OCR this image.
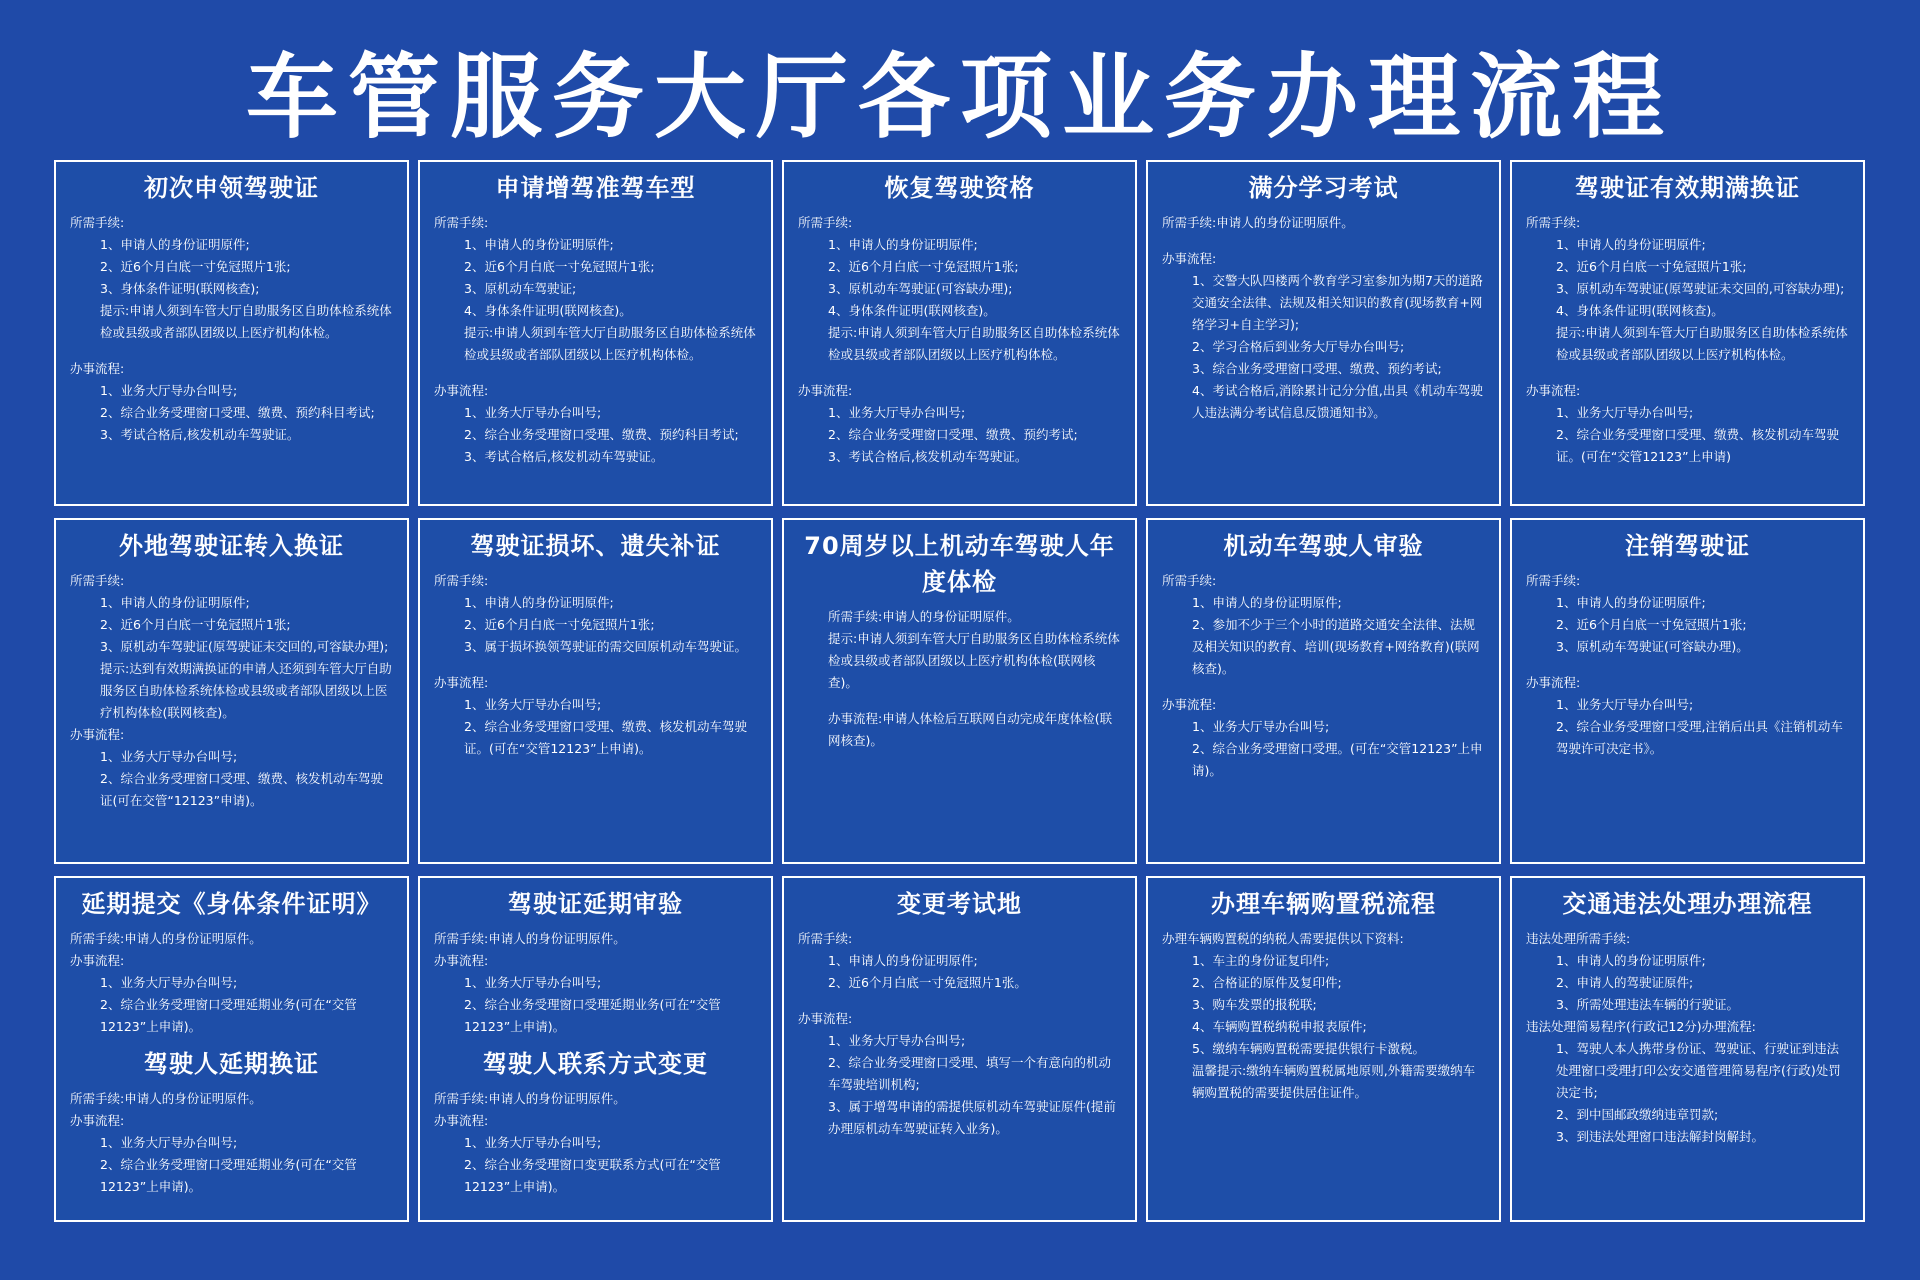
车管服务大厅各项业务办理流程
初次申领驾驶证
所需手续:
1、申请人的身份证明原件;
2、近6个月白底一寸免冠照片1张;
3、身体条件证明(联网核查);
提示:申请人须到车管大厅自助服务区自助体检系统体检或县级或者部队团级以上医疗机构体检。
办事流程:
1、业务大厅导办台叫号;
2、综合业务受理窗口受理、缴费、预约科目考试;
3、考试合格后,核发机动车驾驶证。
申请增驾准驾车型
所需手续:
1、申请人的身份证明原件;
2、近6个月白底一寸免冠照片1张;
3、原机动车驾驶证;
4、身体条件证明(联网核查)。
提示:申请人须到车管大厅自助服务区自助体检系统体检或县级或者部队团级以上医疗机构体检。
办事流程:
1、业务大厅导办台叫号;
2、综合业务受理窗口受理、缴费、预约科目考试;
3、考试合格后,核发机动车驾驶证。
恢复驾驶资格
所需手续:
1、申请人的身份证明原件;
2、近6个月白底一寸免冠照片1张;
3、原机动车驾驶证(可容缺办理);
4、身体条件证明(联网核查)。
提示:申请人须到车管大厅自助服务区自助体检系统体检或县级或者部队团级以上医疗机构体检。
办事流程:
1、业务大厅导办台叫号;
2、综合业务受理窗口受理、缴费、预约考试;
3、考试合格后,核发机动车驾驶证。
满分学习考试
所需手续:申请人的身份证明原件。
办事流程:
1、交警大队四楼两个教育学习室参加为期7天的道路交通安全法律、法规及相关知识的教育(现场教育+网络学习+自主学习);
2、学习合格后到业务大厅导办台叫号;
3、综合业务受理窗口受理、缴费、预约考试;
4、考试合格后,消除累计记分分值,出具《机动车驾驶人违法满分考试信息反馈通知书》。
驾驶证有效期满换证
所需手续:
1、申请人的身份证明原件;
2、近6个月白底一寸免冠照片1张;
3、原机动车驾驶证(原驾驶证未交回的,可容缺办理);
4、身体条件证明(联网核查)。
提示:申请人须到车管大厅自助服务区自助体检系统体检或县级或者部队团级以上医疗机构体检。
办事流程:
1、业务大厅导办台叫号;
2、综合业务受理窗口受理、缴费、核发机动车驾驶证。(可在“交管12123”上申请)
外地驾驶证转入换证
所需手续:
1、申请人的身份证明原件;
2、近6个月白底一寸免冠照片1张;
3、原机动车驾驶证(原驾驶证未交回的,可容缺办理);
提示:达到有效期满换证的申请人还须到车管大厅自助服务区自助体检系统体检或县级或者部队团级以上医疗机构体检(联网核查)。
办事流程:
1、业务大厅导办台叫号;
2、综合业务受理窗口受理、缴费、核发机动车驾驶证(可在交管“12123”申请)。
驾驶证损坏、遗失补证
所需手续:
1、申请人的身份证明原件;
2、近6个月白底一寸免冠照片1张;
3、属于损坏换领驾驶证的需交回原机动车驾驶证。
办事流程:
1、业务大厅导办台叫号;
2、综合业务受理窗口受理、缴费、核发机动车驾驶证。(可在“交管12123”上申请)。
70周岁以上机动车驾驶人年度体检
所需手续:申请人的身份证明原件。
提示:申请人须到车管大厅自助服务区自助体检系统体检或县级或者部队团级以上医疗机构体检(联网核查)。
办事流程:申请人体检后互联网自动完成年度体检(联网核查)。
机动车驾驶人审验
所需手续:
1、申请人的身份证明原件;
2、参加不少于三个小时的道路交通安全法律、法规及相关知识的教育、培训(现场教育+网络教育)(联网核查)。
办事流程:
1、业务大厅导办台叫号;
2、综合业务受理窗口受理。(可在“交管12123”上申请)。
注销驾驶证
所需手续:
1、申请人的身份证明原件;
2、近6个月白底一寸免冠照片1张;
3、原机动车驾驶证(可容缺办理)。
办事流程:
1、业务大厅导办台叫号;
2、综合业务受理窗口受理,注销后出具《注销机动车驾驶许可决定书》。
延期提交《身体条件证明》
所需手续:申请人的身份证明原件。
办事流程:
1、业务大厅导办台叫号;
2、综合业务受理窗口受理延期业务(可在“交管12123”上申请)。
驾驶人延期换证
所需手续:申请人的身份证明原件。
办事流程:
1、业务大厅导办台叫号;
2、综合业务受理窗口受理延期业务(可在“交管12123”上申请)。
驾驶证延期审验
所需手续:申请人的身份证明原件。
办事流程:
1、业务大厅导办台叫号;
2、综合业务受理窗口受理延期业务(可在“交管12123”上申请)。
驾驶人联系方式变更
所需手续:申请人的身份证明原件。
办事流程:
1、业务大厅导办台叫号;
2、综合业务受理窗口变更联系方式(可在“交管12123”上申请)。
变更考试地
所需手续:
1、申请人的身份证明原件;
2、近6个月白底一寸免冠照片1张。
办事流程:
1、业务大厅导办台叫号;
2、综合业务受理窗口受理、填写一个有意向的机动车驾驶培训机构;
3、属于增驾申请的需提供原机动车驾驶证原件(提前办理原机动车驾驶证转入业务)。
办理车辆购置税流程
办理车辆购置税的纳税人需要提供以下资料:
1、车主的身份证复印件;
2、合格证的原件及复印件;
3、购车发票的报税联;
4、车辆购置税纳税申报表原件;
5、缴纳车辆购置税需要提供银行卡激税。
温馨提示:缴纳车辆购置税属地原则,外籍需要缴纳车辆购置税的需要提供居住证件。
交通违法处理办理流程
违法处理所需手续:
1、申请人的身份证明原件;
2、申请人的驾驶证原件;
3、所需处理违法车辆的行驶证。
违法处理简易程序(行政记12分)办理流程:
1、驾驶人本人携带身份证、驾驶证、行驶证到违法处理窗口受理打印公安交通管理简易程序(行政)处罚决定书;
2、到中国邮政缴纳违章罚款;
3、到违法处理窗口违法解封岗解封。
